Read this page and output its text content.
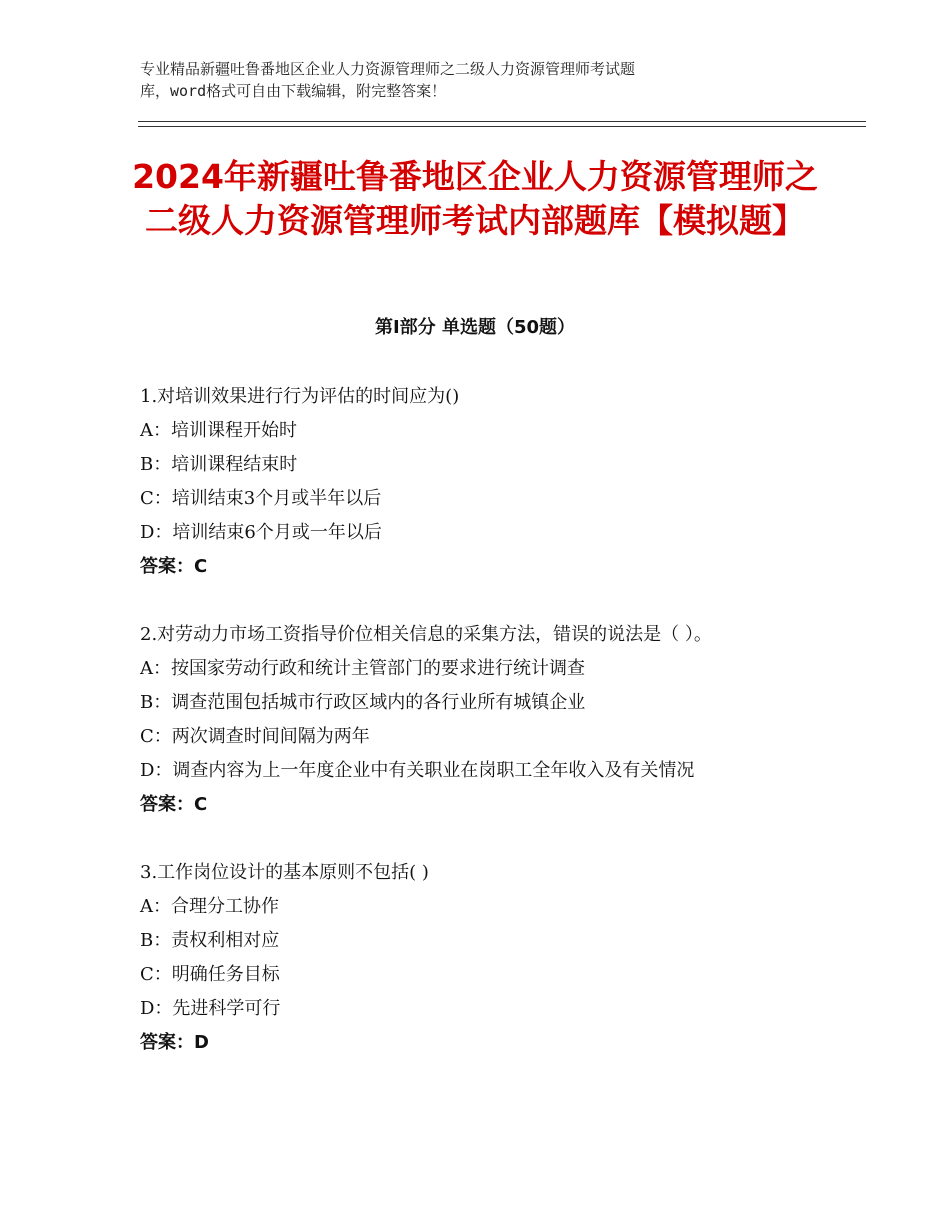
专业精品新疆吐鲁番地区企业人力资源管理师之二级人力资源管理师考试题
库，word格式可自由下载编辑，附完整答案！
2024年新疆吐鲁番地区企业人力资源管理师之二级人力资源管理师考试内部题库【模拟题】
第Ⅰ部分 单选题（50题）
1.对培训效果进行行为评估的时间应为()
A：培训课程开始时
B：培训课程结束时
C：培训结束3个月或半年以后
D：培训结束6个月或一年以后
答案：C
2.对劳动力市场工资指导价位相关信息的采集方法，错误的说法是（ ）。
A：按国家劳动行政和统计主管部门的要求进行统计调查
B：调查范围包括城市行政区域内的各行业所有城镇企业
C：两次调查时间间隔为两年
D：调查内容为上一年度企业中有关职业在岗职工全年收入及有关情况
答案：C
3.工作岗位设计的基本原则不包括( )
A：合理分工协作
B：责权利相对应
C：明确任务目标
D：先进科学可行
答案：D
